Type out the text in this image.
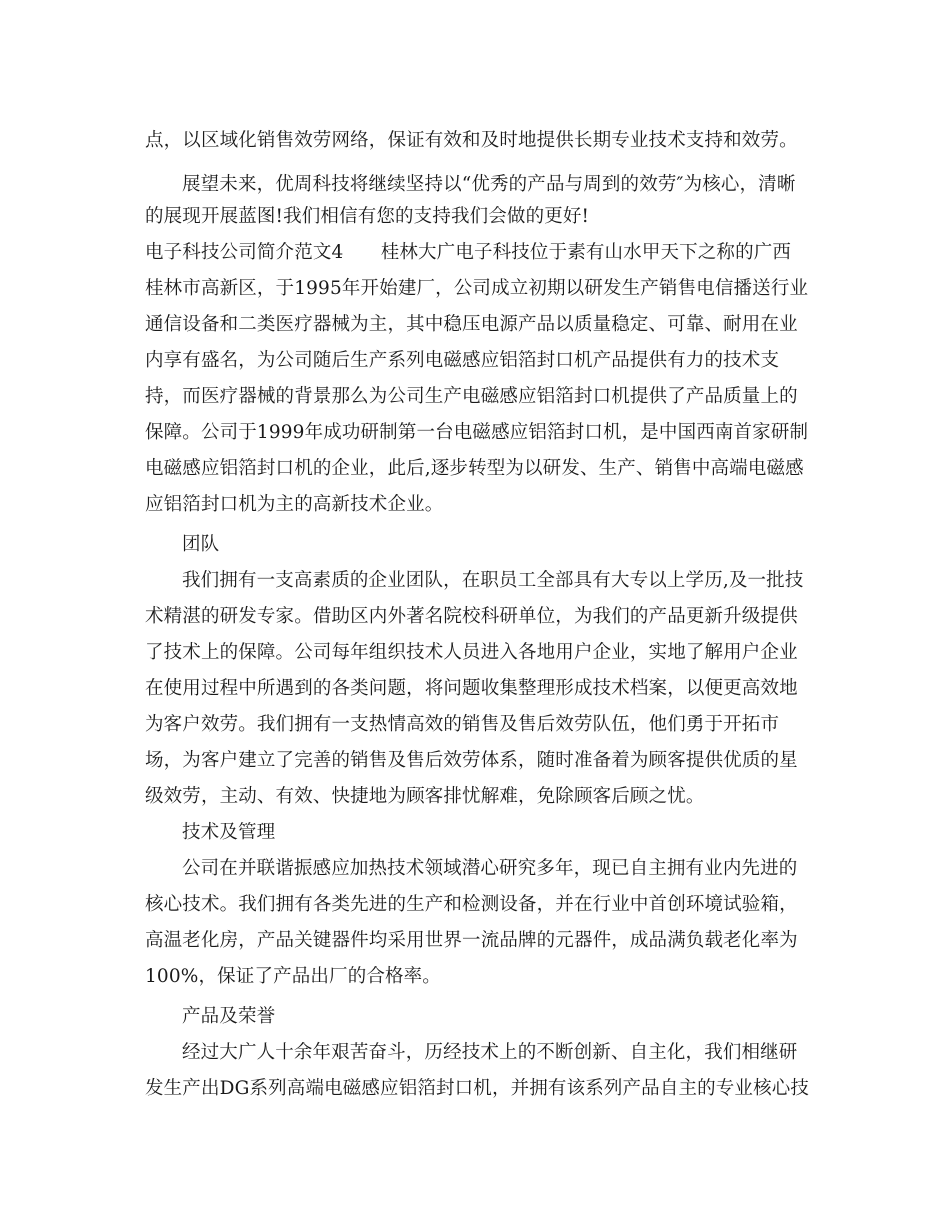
点，以区域化销售效劳网络，保证有效和及时地提供长期专业技术支持和效劳。
展望未来，优周科技将继续坚持以“优秀的产品与周到的效劳″为核心，清晰
的展现开展蓝图!我们相信有您的支持我们会做的更好!
电子科技公司简介范文4　　桂林大广电子科技位于素有山水甲天下之称的广西
桂林市高新区，于1995年开始建厂，公司成立初期以研发生产销售电信播送行业
通信设备和二类医疗器械为主，其中稳压电源产品以质量稳定、可靠、耐用在业
内享有盛名，为公司随后生产系列电磁感应铝箔封口机产品提供有力的技术支
持，而医疗器械的背景那么为公司生产电磁感应铝箔封口机提供了产品质量上的
保障。公司于1999年成功研制第一台电磁感应铝箔封口机，是中国西南首家研制
电磁感应铝箔封口机的企业，此后,逐步转型为以研发、生产、销售中高端电磁感
应铝箔封口机为主的高新技术企业。
团队
我们拥有一支高素质的企业团队，在职员工全部具有大专以上学历,及一批技
术精湛的研发专家。借助区内外著名院校科研单位，为我们的产品更新升级提供
了技术上的保障。公司每年组织技术人员进入各地用户企业，实地了解用户企业
在使用过程中所遇到的各类问题，将问题收集整理形成技术档案，以便更高效地
为客户效劳。我们拥有一支热情高效的销售及售后效劳队伍，他们勇于开拓市
场，为客户建立了完善的销售及售后效劳体系，随时准备着为顾客提供优质的星
级效劳，主动、有效、快捷地为顾客排忧解难，免除顾客后顾之忧。
技术及管理
公司在并联谐振感应加热技术领域潜心研究多年，现已自主拥有业内先进的
核心技术。我们拥有各类先进的生产和检测设备，并在行业中首创环境试验箱，
高温老化房，产品关键器件均采用世界一流品牌的元器件，成品满负载老化率为
100%，保证了产品出厂的合格率。
产品及荣誉
经过大广人十余年艰苦奋斗，历经技术上的不断创新、自主化，我们相继研
发生产出DG系列高端电磁感应铝箔封口机，并拥有该系列产品自主的专业核心技
